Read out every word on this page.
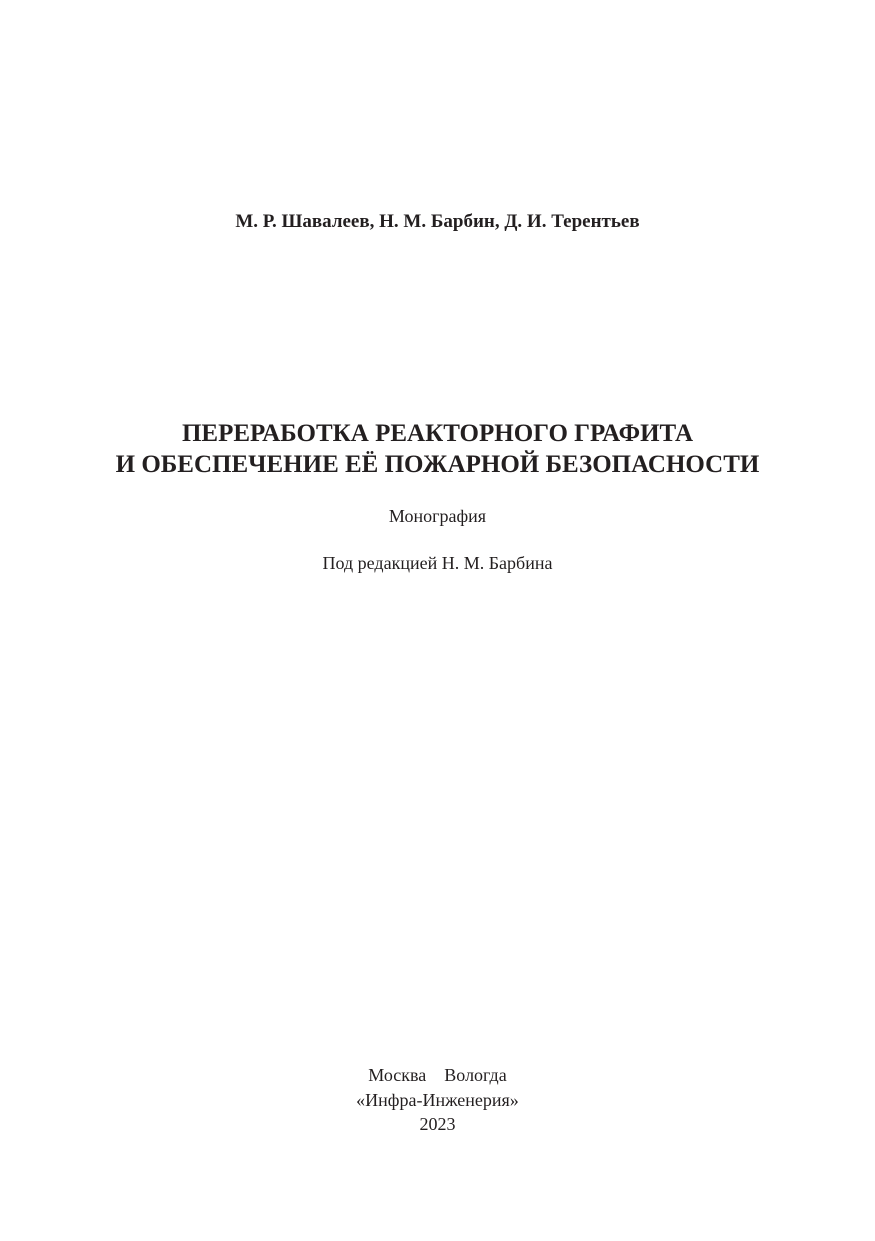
М. Р. Шавалеев, Н. М. Барбин, Д. И. Терентьев
ПЕРЕРАБОТКА РЕАКТОРНОГО ГРАФИТА
И ОБЕСПЕЧЕНИЕ ЕЁ ПОЖАРНОЙ БЕЗОПАСНОСТИ
Монография
Под редакцией Н. М. Барбина
Москва Вологда
«Инфра-Инженерия»
2023
